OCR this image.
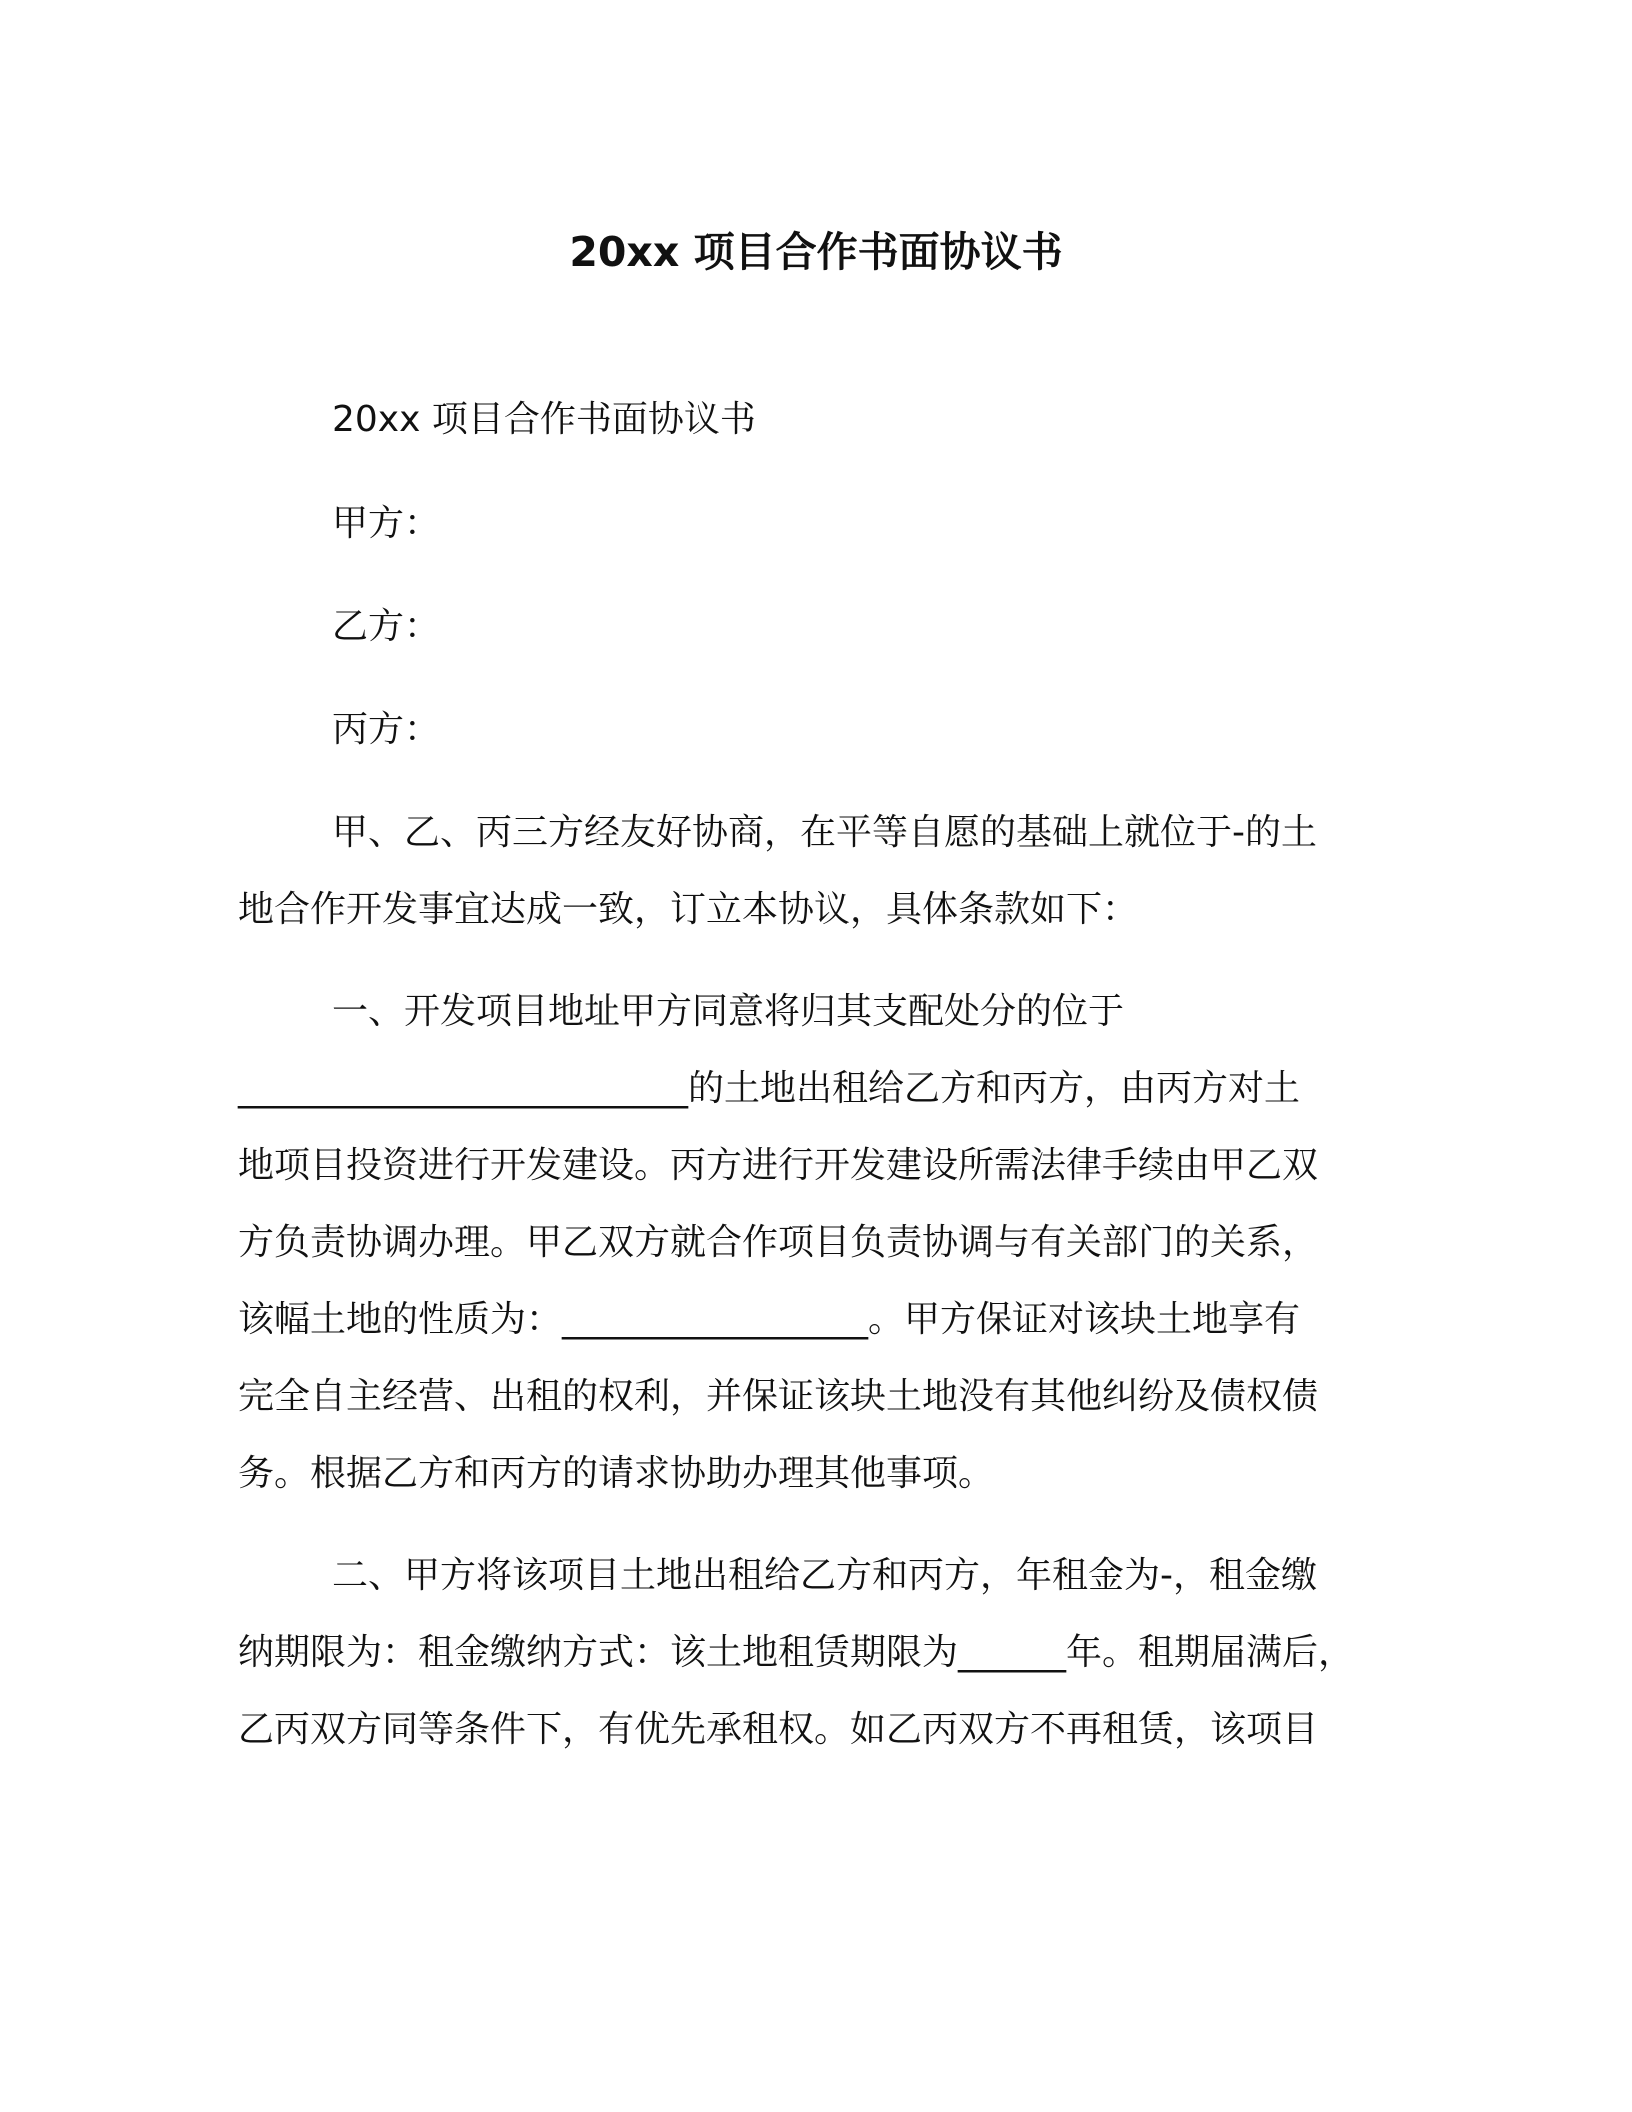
20xx 项目合作书面协议书
20xx 项目合作书面协议书
甲方：
乙方：
丙方：
甲、乙、丙三方经友好协商，在平等自愿的基础上就位于-的土
地合作开发事宜达成一致，订立本协议，具体条款如下：
一、开发项目地址甲方同意将归其支配处分的位于
_________________________的土地出租给乙方和丙方，由丙方对土
地项目投资进行开发建设。丙方进行开发建设所需法律手续由甲乙双
方负责协调办理。甲乙双方就合作项目负责协调与有关部门的关系，
该幅土地的性质为：_________________。甲方保证对该块土地享有
完全自主经营、出租的权利，并保证该块土地没有其他纠纷及债权债
务。根据乙方和丙方的请求协助办理其他事项。
二、甲方将该项目土地出租给乙方和丙方，年租金为-，租金缴
纳期限为：租金缴纳方式：该土地租赁期限为______年。租期届满后，
乙丙双方同等条件下，有优先承租权。如乙丙双方不再租赁，该项目
